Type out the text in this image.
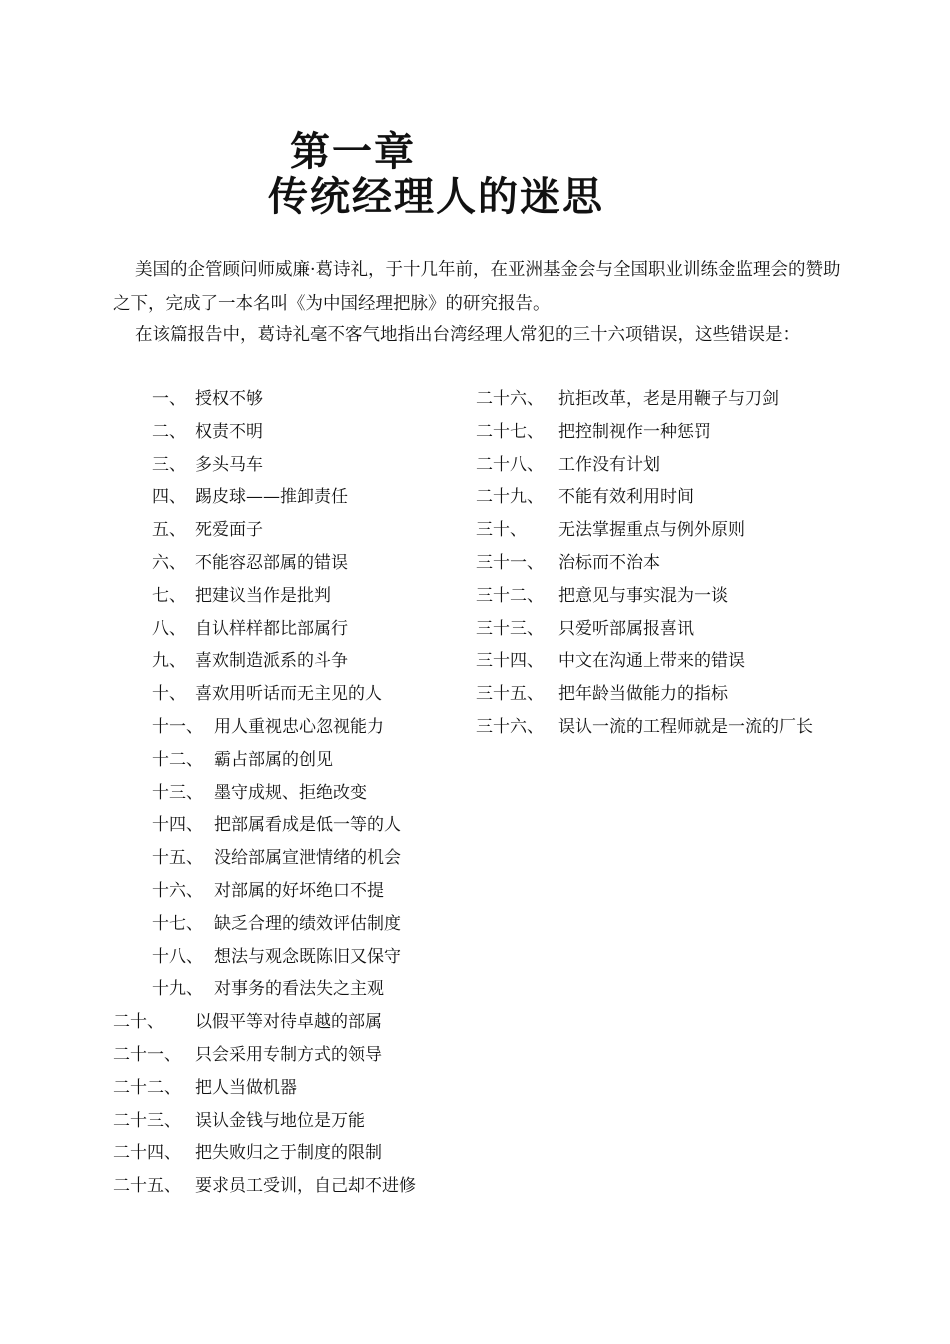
第一章
传统经理人的迷思

美国的企管顾问师威廉·葛诗礼，于十几年前，在亚洲基金会与全国职业训练金监理会的赞助之下，完成了一本名叫《为中国经理把脉》的研究报告。

在该篇报告中，葛诗礼毫不客气地指出台湾经理人常犯的三十六项错误，这些错误是：

一、 授权不够
二、 权责不明
三、 多头马车
四、 踢皮球——推卸责任
五、 死爱面子
六、 不能容忍部属的错误
七、 把建议当作是批判
八、 自认样样都比部属行
九、 喜欢制造派系的斗争
十、 喜欢用听话而无主见的人
十一、 用人重视忠心忽视能力
十二、 霸占部属的创见
十三、 墨守成规、拒绝改变
十四、 把部属看成是低一等的人
十五、 没给部属宣泄情绪的机会
十六、 对部属的好坏绝口不提
十七、 缺乏合理的绩效评估制度
十八、 想法与观念既陈旧又保守
十九、 对事务的看法失之主观
二十、 以假平等对待卓越的部属
二十一、 只会采用专制方式的领导
二十二、 把人当做机器
二十三、 误认金钱与地位是万能
二十四、 把失败归之于制度的限制
二十五、 要求员工受训，自己却不进修
二十六、 抗拒改革，老是用鞭子与刀剑
二十七、 把控制视作一种惩罚
二十八、 工作没有计划
二十九、 不能有效利用时间
三十、 无法掌握重点与例外原则
三十一、 治标而不治本
三十二、 把意见与事实混为一谈
三十三、 只爱听部属报喜讯
三十四、 中文在沟通上带来的错误
三十五、 把年龄当做能力的指标
三十六、 误认一流的工程师就是一流的厂长
